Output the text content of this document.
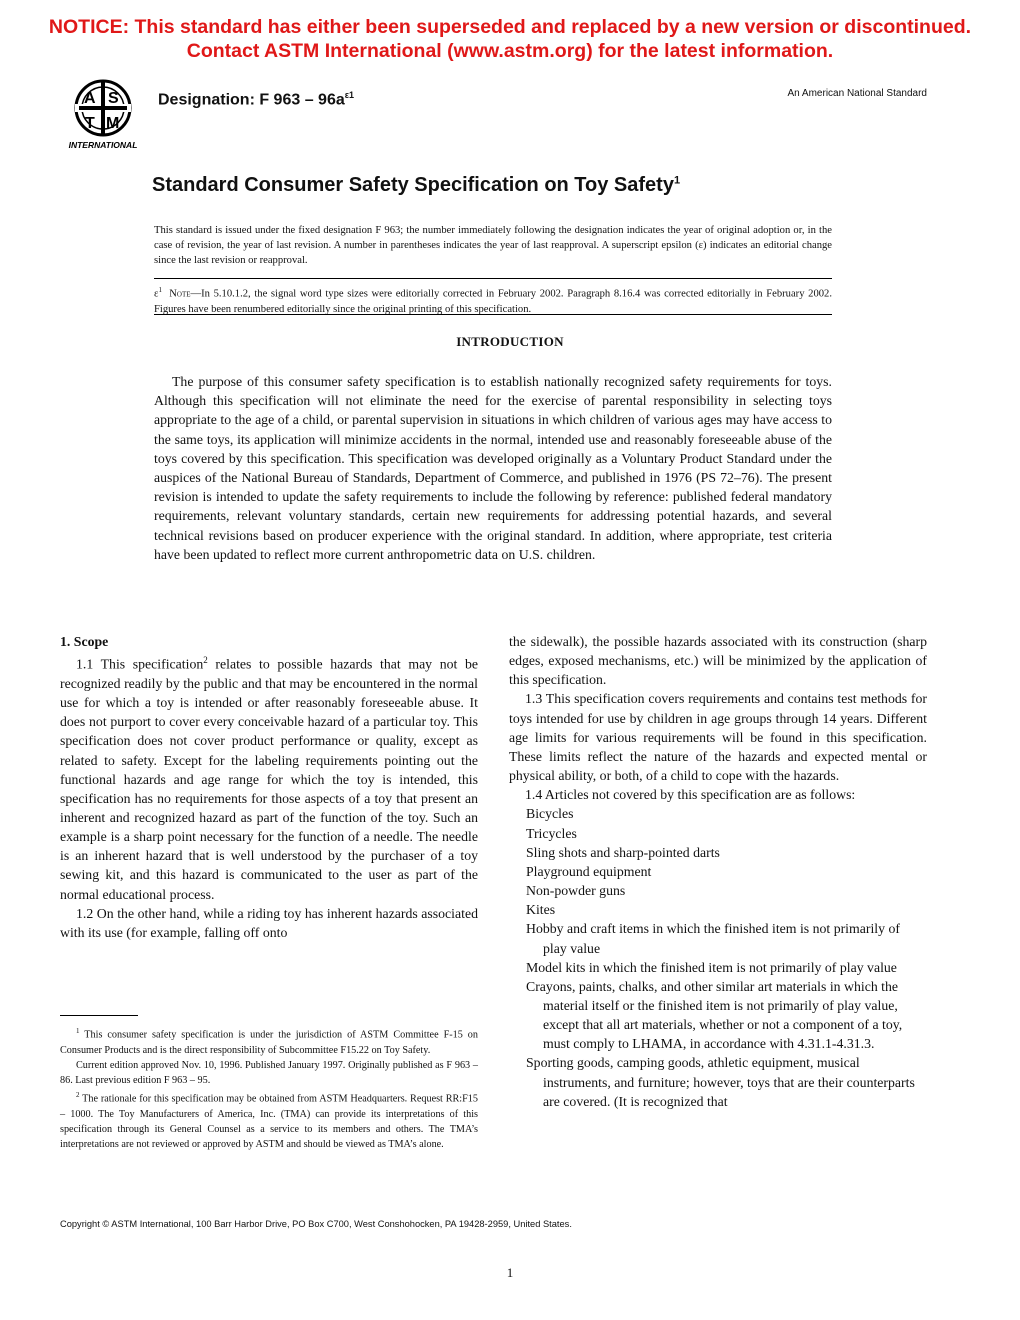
NOTICE: This standard has either been superseded and replaced by a new version or discontinued.
Contact ASTM International (www.astm.org) for the latest information.
A S
T M
INTERNATIONAL
Designation: F $963 - 96a^{\varepsilon 1}$	An American National Standard
Standard Consumer Safety Specification on Toy Safety$^1$
This standard is issued under the fixed designation F 963; the number immediately following the designation indicates the year of original adoption or, in the case of revision, the year of last revision. A number in parentheses indicates the year of last reapproval. A superscript epsilon (ε) indicates an editorial change since the last revision or reapproval.
$\varepsilon^1$ Note—In 5.10.1.2, the signal word type sizes were editorially corrected in February 2002. Paragraph 8.16.4 was corrected editorially in February 2002. Figures have been renumbered editorially since the original printing of this specification.
INTRODUCTION

The purpose of this consumer safety specification is to establish nationally recognized safety requirements for toys. Although this specification will not eliminate the need for the exercise of parental responsibility in selecting toys appropriate to the age of a child, or parental supervision in situations in which children of various ages may have access to the same toys, its application will minimize accidents in the normal, intended use and reasonably foreseeable abuse of the toys covered by this specification. This specification was developed originally as a Voluntary Product Standard under the auspices of the National Bureau of Standards, Department of Commerce, and published in 1976 (PS 72–76). The present revision is intended to update the safety requirements to include the following by reference: published federal mandatory requirements, relevant voluntary standards, certain new requirements for addressing potential hazards, and several technical revisions based on producer experience with the original standard. In addition, where appropriate, test criteria have been updated to reflect more current anthropometric data on U.S. children.

1. Scope

1.1 This specification$^2$ relates to possible hazards that may not be recognized readily by the public and that may be encountered in the normal use for which a toy is intended or after reasonably foreseeable abuse. It does not purport to cover every conceivable hazard of a particular toy. This specification does not cover product performance or quality, except as related to safety. Except for the labeling requirements pointing out the functional hazards and age range for which the toy is intended, this specification has no requirements for those aspects of a toy that present an inherent and recognized hazard as part of the function of the toy. Such an example is a sharp point necessary for the function of a needle. The needle is an inherent hazard that is well understood by the purchaser of a toy sewing kit, and this hazard is communicated to the user as part of the normal educational process.

1.2 On the other hand, while a riding toy has inherent hazards associated with its use (for example, falling off onto

$^1$ This consumer safety specification is under the jurisdiction of ASTM Committee F-15 on Consumer Products and is the direct responsibility of Subcommittee F15.22 on Toy Safety.

Current edition approved Nov. 10, 1996. Published January 1997. Originally published as F 963 – 86. Last previous edition F 963 – 95.

$^2$ The rationale for this specification may be obtained from ASTM Headquarters. Request RR:F15 – 1000. The Toy Manufacturers of America, Inc. (TMA) can provide its interpretations of this specification through its General Counsel as a service to its members and others. The TMA’s interpretations are not reviewed or approved by ASTM and should be viewed as TMA’s alone.

the sidewalk), the possible hazards associated with its construction (sharp edges, exposed mechanisms, etc.) will be minimized by the application of this specification.

1.3 This specification covers requirements and contains test methods for toys intended for use by children in age groups through 14 years. Different age limits for various requirements will be found in this specification. These limits reflect the nature of the hazards and expected mental or physical ability, or both, of a child to cope with the hazards.

1.4 Articles not covered by this specification are as follows:

Bicycles

Tricycles

Sling shots and sharp-pointed darts

Playground equipment

Non-powder guns

Kites

Hobby and craft items in which the finished item is not primarily of play value

Model kits in which the finished item is not primarily of play value

Crayons, paints, chalks, and other similar art materials in which the material itself or the finished item is not primarily of play value, except that all art materials, whether or not a component of a toy, must comply to LHAMA, in accordance with 4.31.1-4.31.3.

Sporting goods, camping goods, athletic equipment, musical instruments, and furniture; however, toys that are their counterparts are covered. (It is recognized that

Copyright © ASTM International, 100 Barr Harbor Drive, PO Box C700, West Conshohocken, PA 19428-2959, United States.
1
